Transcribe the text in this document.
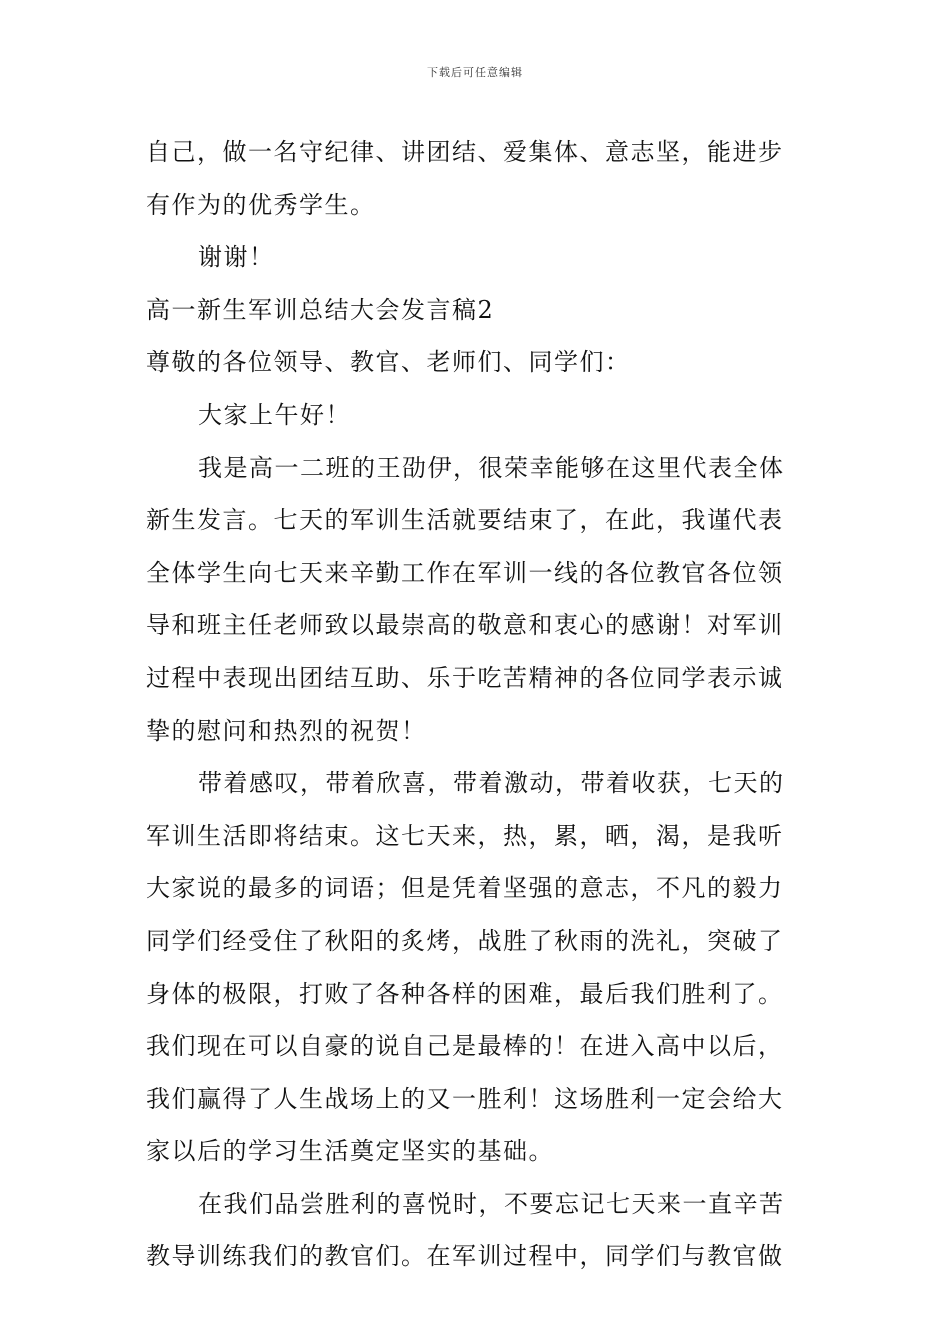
下载后可任意编辑
自己，做一名守纪律、讲团结、爱集体、意志坚，能进步
有作为的优秀学生。
谢谢！
高一新生军训总结大会发言稿2
尊敬的各位领导、教官、老师们、同学们：
大家上午好！
我是高一二班的王劭伊，很荣幸能够在这里代表全体
新生发言。七天的军训生活就要结束了，在此，我谨代表
全体学生向七天来辛勤工作在军训一线的各位教官各位领
导和班主任老师致以最崇高的敬意和衷心的感谢！对军训
过程中表现出团结互助、乐于吃苦精神的各位同学表示诚
挚的慰问和热烈的祝贺！
带着感叹，带着欣喜，带着激动，带着收获，七天的
军训生活即将结束。这七天来，热，累，晒，渴，是我听
大家说的最多的词语；但是凭着坚强的意志，不凡的毅力
同学们经受住了秋阳的炙烤，战胜了秋雨的洗礼，突破了
身体的极限，打败了各种各样的困难，最后我们胜利了。
我们现在可以自豪的说自己是最棒的！在进入高中以后，
我们赢得了人生战场上的又一胜利！这场胜利一定会给大
家以后的学习生活奠定坚实的基础。
在我们品尝胜利的喜悦时，不要忘记七天来一直辛苦
教导训练我们的教官们。在军训过程中，同学们与教官做
